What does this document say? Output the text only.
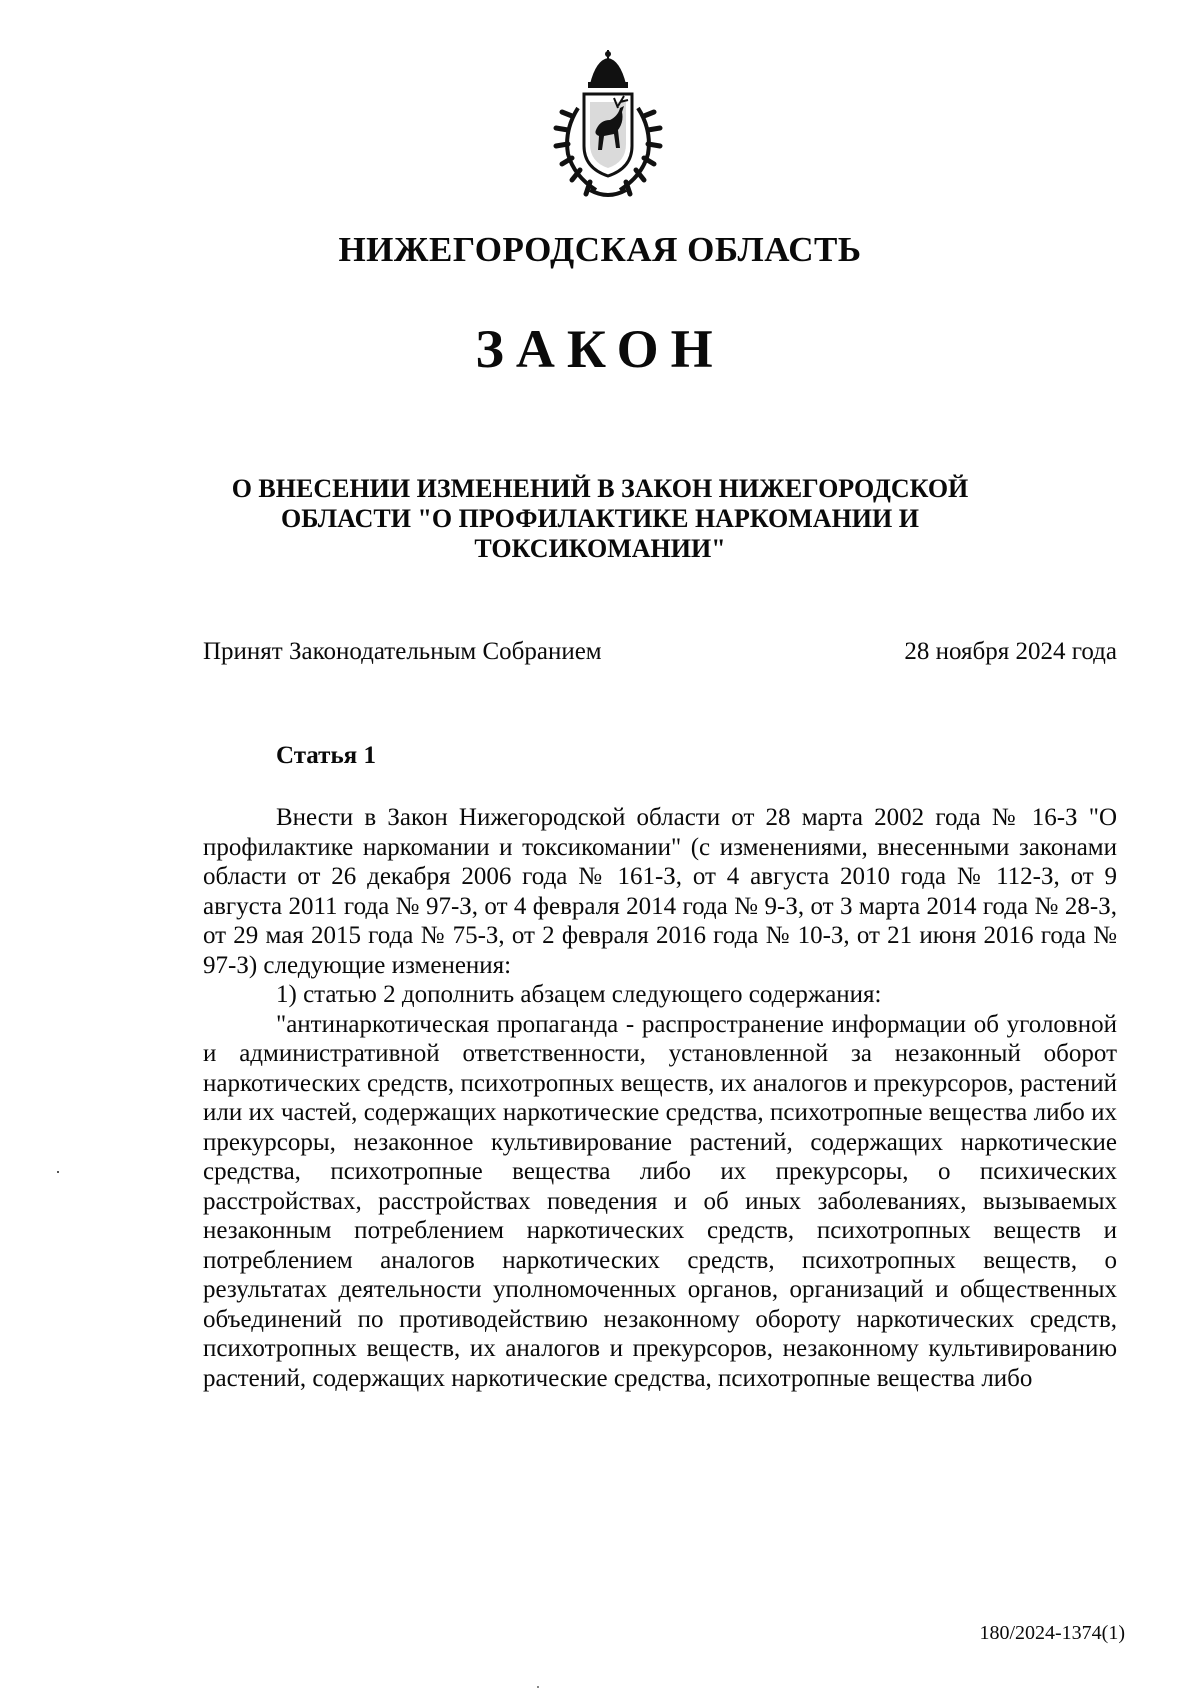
НИЖЕГОРОДСКАЯ ОБЛАСТЬ
ЗАКОН
О ВНЕСЕНИИ ИЗМЕНЕНИЙ В ЗАКОН НИЖЕГОРОДСКОЙ
ОБЛАСТИ "О ПРОФИЛАКТИКЕ НАРКОМАНИИ И
ТОКСИКОМАНИИ"
Принят Законодательным Собранием	28 ноября 2024 года
Статья 1

Внести в Закон Нижегородской области от 28 марта 2002 года № 16-З "О профилактике наркомании и токсикомании" (с изменениями, внесенными законами области от 26 декабря 2006 года № 161-З, от 4 августа 2010 года № 112-З, от 9 августа 2011 года № 97-З, от 4 февраля 2014 года № 9-З, от 3 марта 2014 года № 28-З, от 29 мая 2015 года № 75-З, от 2 февраля 2016 года № 10-З, от 21 июня 2016 года № 97-З) следующие изменения:

1) статью 2 дополнить абзацем следующего содержания:

"антинаркотическая пропаганда - распространение информации об уголовной и административной ответственности, установленной за незаконный оборот наркотических средств, психотропных веществ, их аналогов и прекурсоров, растений или их частей, содержащих наркотические средства, психотропные вещества либо их прекурсоры, незаконное культивирование растений, содержащих наркотические средства, психотропные вещества либо их прекурсоры, о психических расстройствах, расстройствах поведения и об иных заболеваниях, вызываемых незаконным потреблением наркотических средств, психотропных веществ и потреблением аналогов наркотических средств, психотропных веществ, о результатах деятельности уполномоченных органов, организаций и общественных объединений по противодействию незаконному обороту наркотических средств, психотропных веществ, их аналогов и прекурсоров, незаконному культивированию растений, содержащих наркотические средства, психотропные вещества либо

180/2024-1374(1)
